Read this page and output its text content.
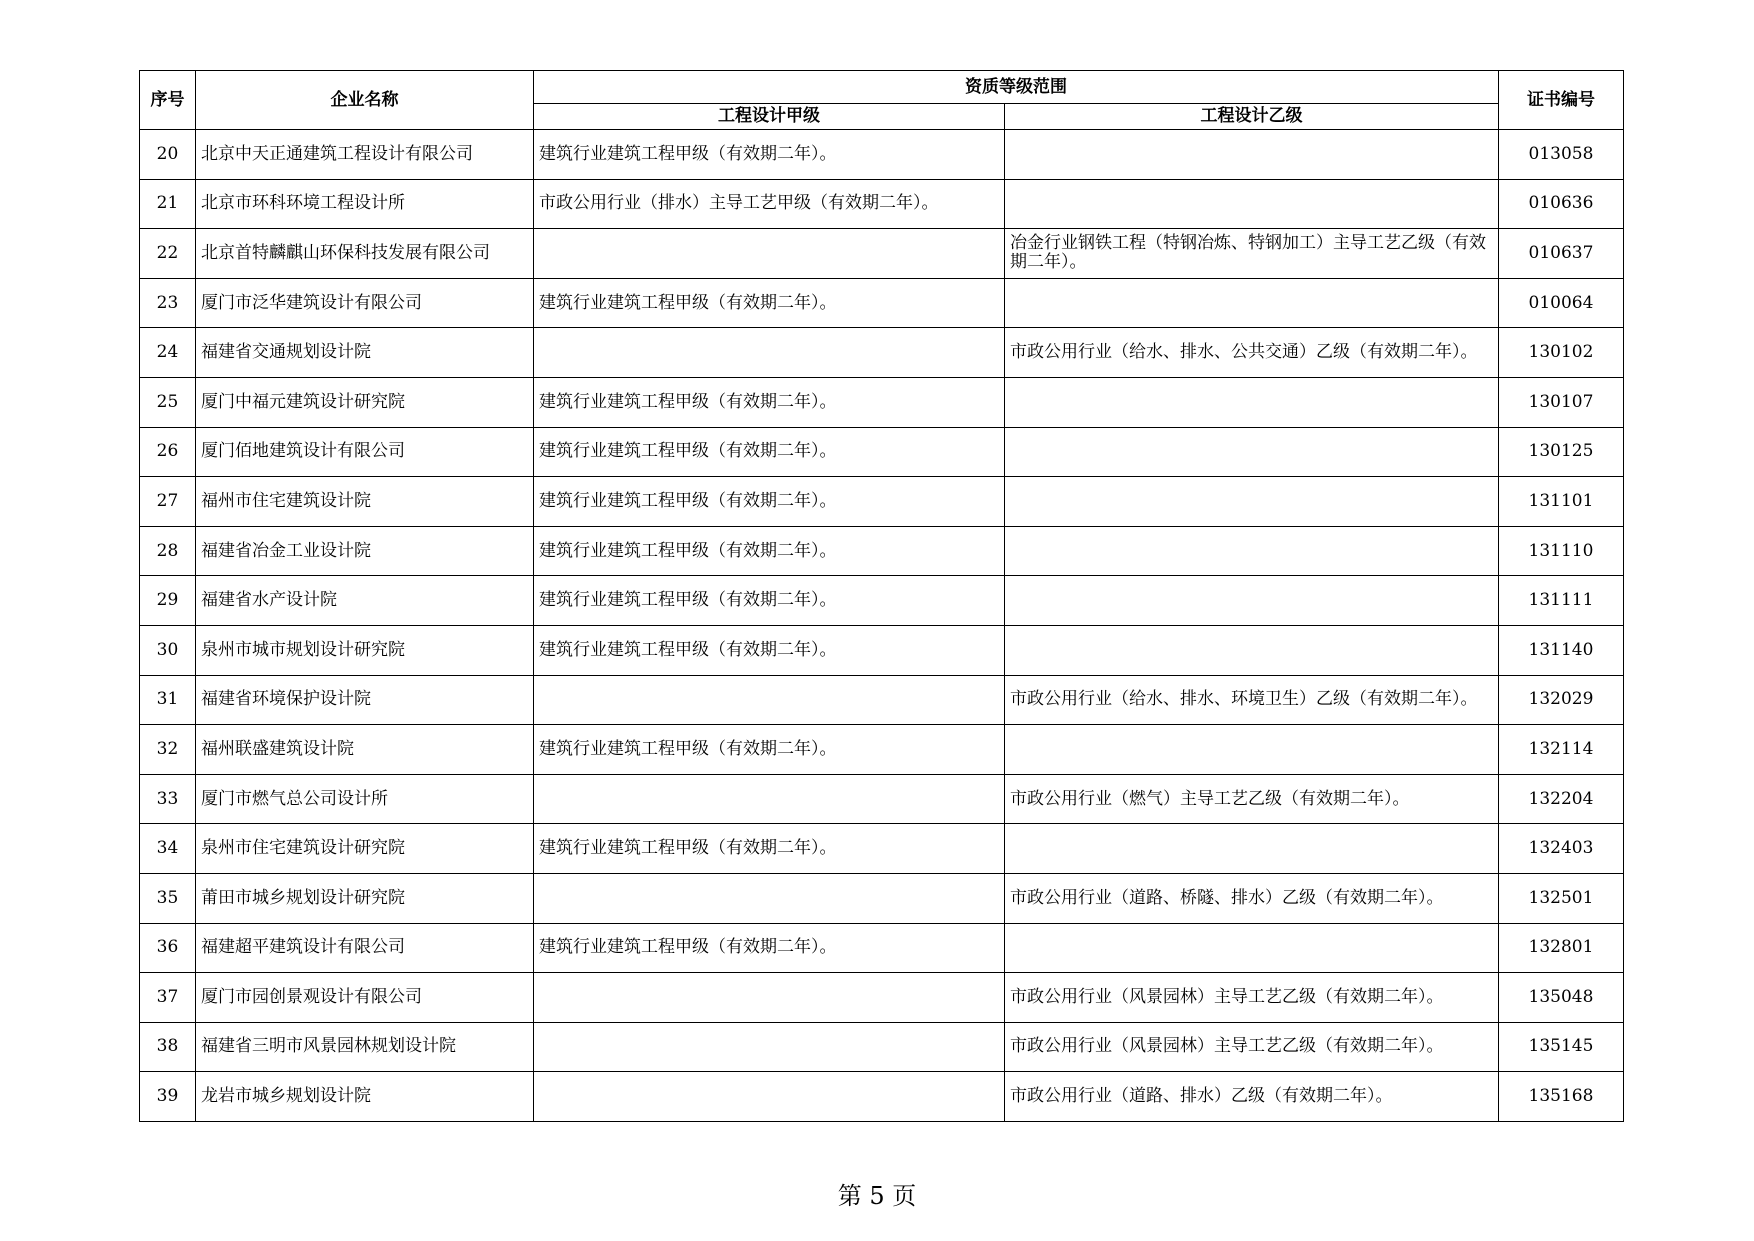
序号	企业名称	资质等级范围		证书编号
		工程设计甲级	工程设计乙级	
20	北京中天正通建筑工程设计有限公司	建筑行业建筑工程甲级（有效期二年）。		013058
21	北京市环科环境工程设计所	市政公用行业（排水）主导工艺甲级（有效期二年）。		010636
22	北京首特麟麒山环保科技发展有限公司		冶金行业钢铁工程（特钢冶炼、特钢加工）主导工艺乙级（有效期二年）。	010637
23	厦门市泛华建筑设计有限公司	建筑行业建筑工程甲级（有效期二年）。		010064
24	福建省交通规划设计院		市政公用行业（给水、排水、公共交通）乙级（有效期二年）。	130102
25	厦门中福元建筑设计研究院	建筑行业建筑工程甲级（有效期二年）。		130107
26	厦门佰地建筑设计有限公司	建筑行业建筑工程甲级（有效期二年）。		130125
27	福州市住宅建筑设计院	建筑行业建筑工程甲级（有效期二年）。		131101
28	福建省冶金工业设计院	建筑行业建筑工程甲级（有效期二年）。		131110
29	福建省水产设计院	建筑行业建筑工程甲级（有效期二年）。		131111
30	泉州市城市规划设计研究院	建筑行业建筑工程甲级（有效期二年）。		131140
31	福建省环境保护设计院		市政公用行业（给水、排水、环境卫生）乙级（有效期二年）。	132029
32	福州联盛建筑设计院	建筑行业建筑工程甲级（有效期二年）。		132114
33	厦门市燃气总公司设计所		市政公用行业（燃气）主导工艺乙级（有效期二年）。	132204
34	泉州市住宅建筑设计研究院	建筑行业建筑工程甲级（有效期二年）。		132403
35	莆田市城乡规划设计研究院		市政公用行业（道路、桥隧、排水）乙级（有效期二年）。	132501
36	福建超平建筑设计有限公司	建筑行业建筑工程甲级（有效期二年）。		132801
37	厦门市园创景观设计有限公司		市政公用行业（风景园林）主导工艺乙级（有效期二年）。	135048
38	福建省三明市风景园林规划设计院		市政公用行业（风景园林）主导工艺乙级（有效期二年）。	135145
39	龙岩市城乡规划设计院		市政公用行业（道路、排水）乙级（有效期二年）。	135168
第 5 页
